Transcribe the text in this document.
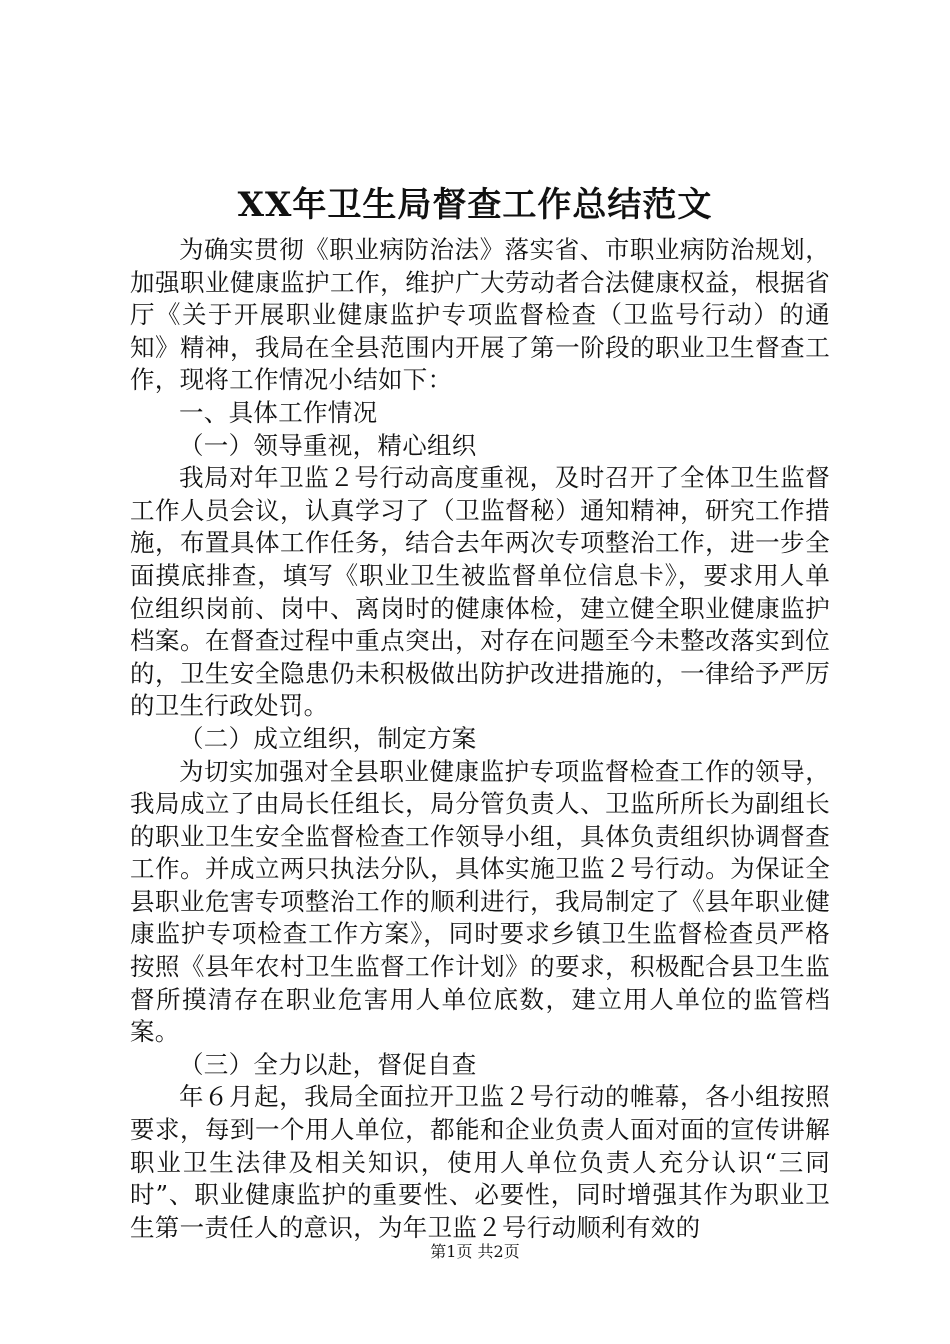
XX年卫生局督查工作总结范文

为确实贯彻《职业病防治法》落实省、市职业病防治规划，加强职业健康监护工作，维护广大劳动者合法健康权益，根据省厅《关于开展职业健康监护专项监督检查（卫监号行动）的通知》精神，我局在全县范围内开展了第一阶段的职业卫生督查工作，现将工作情况小结如下：

一、具体工作情况

（一）领导重视，精心组织

我局对年卫监２号行动高度重视，及时召开了全体卫生监督工作人员会议，认真学习了（卫监督秘）通知精神，研究工作措施，布置具体工作任务，结合去年两次专项整治工作，进一步全面摸底排查，填写《职业卫生被监督单位信息卡》，要求用人单位组织岗前、岗中、离岗时的健康体检，建立健全职业健康监护档案。在督查过程中重点突出，对存在问题至今未整改落实到位的，卫生安全隐患仍未积极做出防护改进措施的，一律给予严厉的卫生行政处罚。

（二）成立组织，制定方案

为切实加强对全县职业健康监护专项监督检查工作的领导，我局成立了由局长任组长，局分管负责人、卫监所所长为副组长的职业卫生安全监督检查工作领导小组，具体负责组织协调督查工作。并成立两只执法分队，具体实施卫监２号行动。为保证全县职业危害专项整治工作的顺利进行，我局制定了《县年职业健康监护专项检查工作方案》，同时要求乡镇卫生监督检查员严格按照《县年农村卫生监督工作计划》的要求，积极配合县卫生监督所摸清存在职业危害用人单位底数，建立用人单位的监管档案。

（三）全力以赴，督促自查

年６月起，我局全面拉开卫监２号行动的帷幕，各小组按照要求，每到一个用人单位，都能和企业负责人面对面的宣传讲解职业卫生法律及相关知识，使用人单位负责人充分认识“三同时”、职业健康监护的重要性、必要性，同时增强其作为职业卫生第一责任人的意识，为年卫监２号行动顺利有效的

第1页 共2页
